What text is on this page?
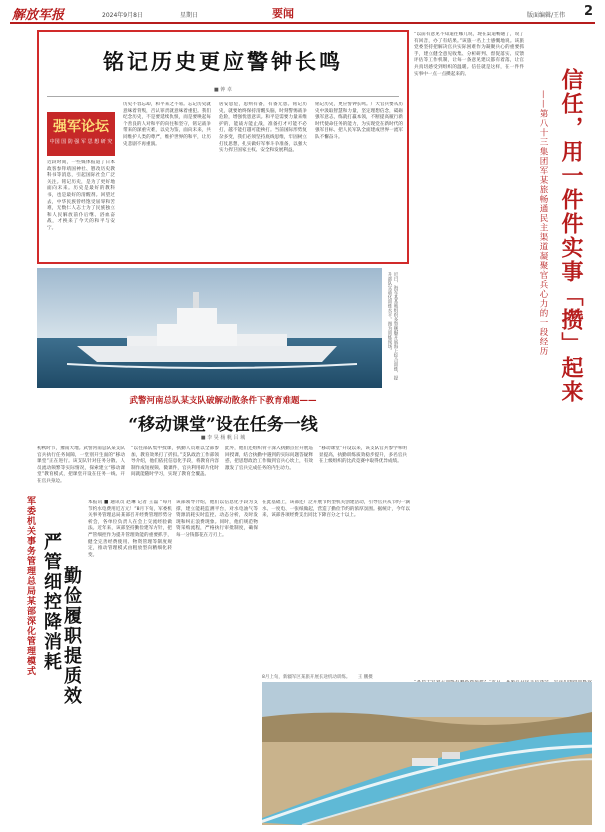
解放军报	2024年9月8日	星期日	要闻	版面编辑/王伟 2
铭记历史更应警钟长鸣
■ 钟 卓
强军论坛
中国 国 防 强 军 思 想 研 究
近段时间，一些媒体报道了日本政客参拜靖国神社、篡改历史教科书等消息，引起国际社会广泛关注。铭记历史，是为了更好地面向未来。历史是最好的教科书，也是最好的清醒剂。回望过去，中华民族曾经饱受屈辱和苦难，无数仁人志士为了民族独立和人民解放前仆后继、浴血奋战，才换来了今天的和平与安宁。
历史不容忘却，和平来之不易。忘记历史就意味着背叛，否认罪责就意味着重犯。我们纪念历史，不是要延续仇恨，而是要唤起每个善良的人对和平的向往和坚守，铭记战争带来的深重灾难，以史为鉴，面向未来，共同维护人类的尊严，维护世界的和平，让历史悲剧不再重演。
居安思危，思则有备，有备无患。铭记历史，就要始终保持清醒头脑，时刻警惕战争危险，增强忧患意识。和平是需要力量来维护的，能战方能止战，准备打才可能不必打，越不能打越可能挨打。当前国际形势复杂多变，我们必须坚持底线思维，牢固树立打仗思想，扎实做好军事斗争准备，以强大实力捍卫国家主权、安全和发展利益。
铭记历史，更应警钟长鸣。广大官兵要从历史中汲取智慧和力量，坚定理想信念，砥砺强军意志，练就打赢本领，不断提高履行新时代使命任务的能力，为实现党在新时代的强军目标、把人民军队全面建成世界一流军队不懈奋斗。
“以前有意见不知道往哪儿说，现在渠道畅通了，说了有回音，办了有结果。”该旅一名上士感慨地说。该旅党委坚持把解决官兵实际困难作为凝聚兵心的重要抓手，建立健全意见收集、分析研判、督促落实、反馈评估等工作机制，让每一条意见建议都有着落，让官兵真切感受到组织的温暖。信任就是这样，在一件件实事中一点一点攒起来的。	信任，用一件件实事「攒」起来
——第八十三集团军某旅畅通民主渠道凝聚官兵心力的一段经历
近日，海军某基地组织多型舰艇开展海上综合训练，提升部队实战化训练水平。图为训练现场。
武警河南总队某支队破解动散条件下教育难题——
“移动课堂”设在任务一线
■ 李 昊 杨 帆 吕 城
初秋时节，豫南大地。武警河南总队某支队官兵执行任务间隙，一堂别开生面的“移动课堂”正在进行。该支队针对任务分散、人员流动频繁等实际情况，探索建立“移动课堂”教育模式，把课堂开设在任务一线、开在官兵身边。
“以往部队集中授课，执勤人员难以全部参加，教育效果打了折扣。”支队政治工作部领导介绍，他们依托信息化手段，将教育内容制作成短视频、微课件，官兵利用碎片化时间就能随时学习，实现了教育全覆盖。
此外，他们还组织骨干深入执勤点位开展巡回授课，结合执勤中遇到的实际问题答疑释惑，把思想政治工作做到官兵心坎上，有效激发了官兵完成任务的内生动力。
“移动课堂”开设以来，该支队官兵参学率明显提高，执勤训练质效稳步提升，多名官兵在上级组织的比武竞赛中取得优异成绩。
军委机关事务管理总局某部深化管理模式 严管细控降消耗 勤俭履职提质效
本报讯 ■ 通讯员 赵琳 记者 王磊 “每月节约水电费用近万元！”8月下旬，军委机关事务管理总局某部召开经费管理形势分析会，各单位负责人在会上交流经验做法。近年来，该部坚持勤俭建军方针，把严管细控作为提升管理效能的重要抓手，健全完善经费使用、物资管理等制度规定，推动管理模式由粗放型向精细化转变。
该部领导介绍，他们以信息化手段为支撑，建立能耗监测平台，对水电油气等资源消耗实时监控、动态分析，及时发现和纠正浪费现象。同时，他们规范物资采购流程，严格执行审批制度，确保每一分钱都花在刀刃上。
在此基础上，该部还广泛开展节约型机关创建活动，引导官兵从节约一滴水、一度电、一张纸做起，营造了勤俭节约的浓厚氛围。据统计，今年以来，该部各项经费支出同比下降百分之十以上。
8月上旬，新疆军区某旅开展长途机动训练。 王 鹏摄
